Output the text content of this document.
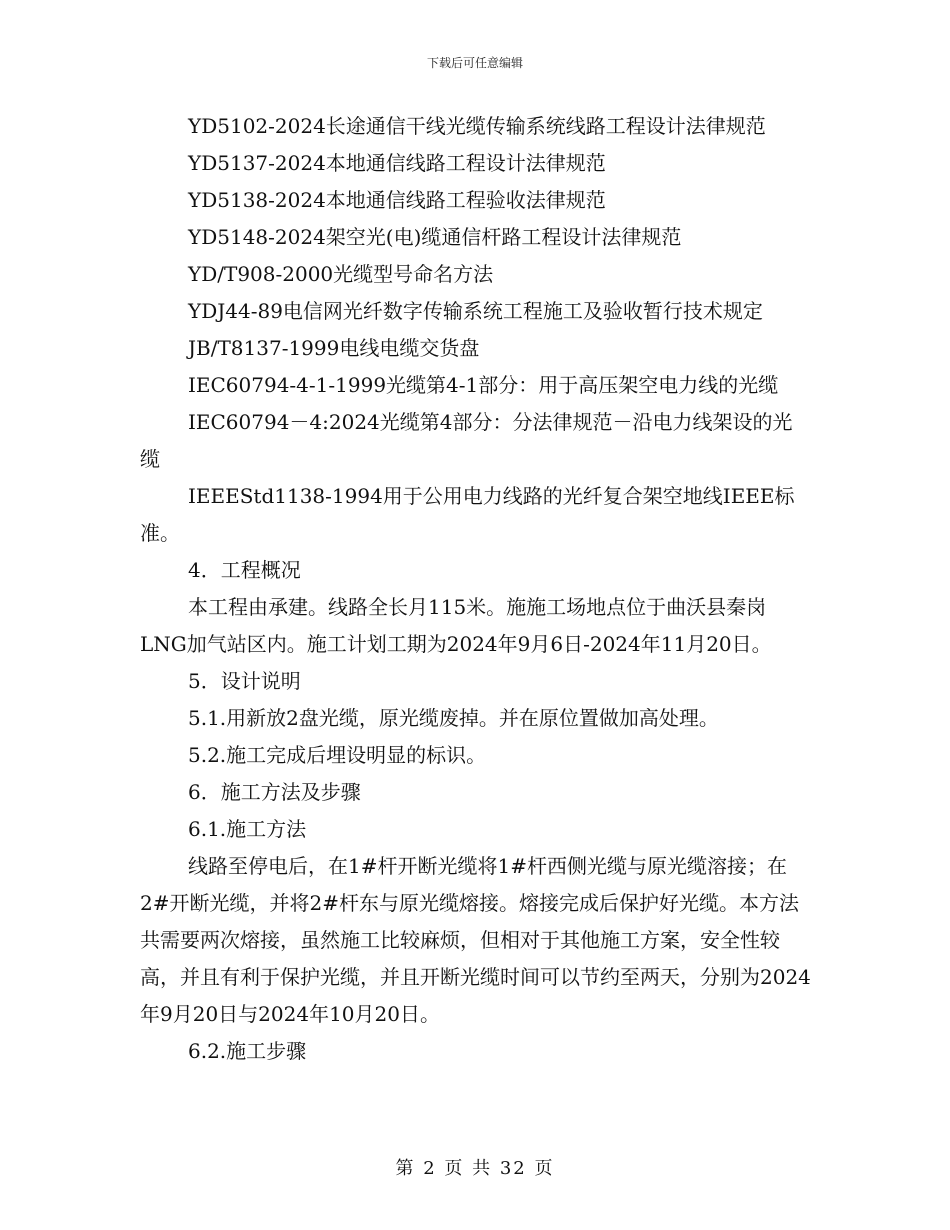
下载后可任意编辑

YD5102-2024长途通信干线光缆传输系统线路工程设计法律规范

YD5137-2024本地通信线路工程设计法律规范

YD5138-2024本地通信线路工程验收法律规范

YD5148-2024架空光(电)缆通信杆路工程设计法律规范

YD/T908-2000光缆型号命名方法

YDJ44-89电信网光纤数字传输系统工程施工及验收暂行技术规定

JB/T8137-1999电线电缆交货盘

IEC60794-4-1-1999光缆第4-1部分：用于高压架空电力线的光缆

IEC60794－4:2024光缆第4部分：分法律规范－沿电力线架设的光缆

IEEEStd1138-1994用于公用电力线路的光纤复合架空地线IEEE标准。

4．工程概况

本工程由承建。线路全长月115米。施施工场地点位于曲沃县秦岗LNG加气站区内。施工计划工期为2024年9月6日-2024年11月20日。

5．设计说明

5.1.用新放2盘光缆，原光缆废掉。并在原位置做加高处理。

5.2.施工完成后埋设明显的标识。

6．施工方法及步骤

6.1.施工方法

线路至停电后，在1#杆开断光缆将1#杆西侧光缆与原光缆溶接；在2#开断光缆，并将2#杆东与原光缆熔接。熔接完成后保护好光缆。本方法共需要两次熔接，虽然施工比较麻烦，但相对于其他施工方案，安全性较高，并且有利于保护光缆，并且开断光缆时间可以节约至两天，分别为2024年9月20日与2024年10月20日。

6.2.施工步骤

第 2 页 共 32 页
